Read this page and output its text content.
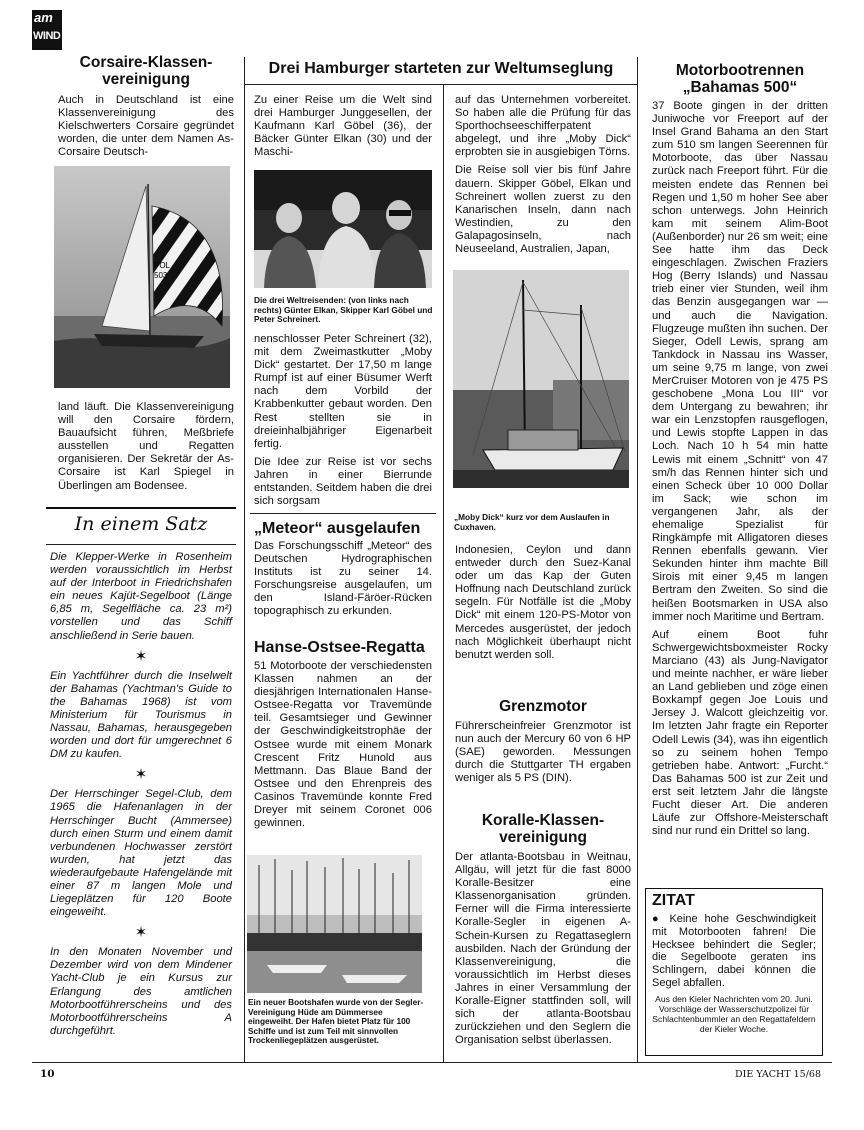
am
WIND
Corsaire-Klassen-vereinigung

Auch in Deutschland ist eine Klassenvereinigung des Kielschwerters Corsaire gegründet worden, die unter dem Namen As-Corsaire Deutsch-

POL
503

land läuft. Die Klassenvereinigung will den Corsaire fördern, Bauaufsicht führen, Meßbriefe ausstellen und Regatten organisieren. Der Sekretär der As-Corsaire ist Karl Spiegel in Überlingen am Bodensee.

In einem Satz

Die Klepper-Werke in Rosenheim werden voraussichtlich im Herbst auf der Interboot in Friedrichshafen ein neues Kajüt-Segelboot (Länge 6,85 m, Segelfläche ca. 23 m²) vorstellen und das Schiff anschließend in Serie bauen.

✶

Ein Yachtführer durch die Inselwelt der Bahamas (Yachtman's Guide to the Bahamas 1968) ist vom Ministerium für Tourismus in Nassau, Bahamas, herausgegeben worden und dort für umgerechnet 6 DM zu kaufen.

✶

Der Herrschinger Segel-Club, dem 1965 die Hafenanlagen in der Herrschinger Bucht (Ammersee) durch einen Sturm und einem damit verbundenen Hochwasser zerstört wurden, hat jetzt das wiederaufgebaute Hafengelände mit einer 87 m langen Mole und Liegeplätzen für 120 Boote eingeweiht.

✶

In den Monaten November und Dezember wird von dem Mindener Yacht-Club je ein Kursus zur Erlangung des amtlichen Motorbootführerscheins und des Motorbootführerscheins A durchgeführt.

Drei Hamburger starteten zur Weltumseglung

Zu einer Reise um die Welt sind drei Hamburger Junggesellen, der Kaufmann Karl Göbel (36), der Bäcker Günter Elkan (30) und der Maschi-

Die drei Weltreisenden: (von links nach rechts) Günter Elkan, Skipper Karl Göbel und Peter Schreinert.

nenschlosser Peter Schreinert (32), mit dem Zweimastkutter „Moby Dick“ gestartet. Der 17,50 m lange Rumpf ist auf einer Büsumer Werft nach dem Vorbild der Krabbenkutter gebaut worden. Den Rest stellten sie in dreieinhalbjähriger Eigenarbeit fertig.

Die Idee zur Reise ist vor sechs Jahren in einer Bierrunde entstanden. Seitdem haben die drei sich sorgsam

„Meteor“ ausgelaufen

Das Forschungsschiff „Meteor“ des Deutschen Hydrographischen Instituts ist zu seiner 14. Forschungsreise ausgelaufen, um den Island-Färöer-Rücken topographisch zu erkunden.

Hanse-Ostsee-Regatta

51 Motorboote der verschiedensten Klassen nahmen an der diesjährigen Internationalen Hanse-Ostsee-Regatta vor Travemünde teil. Gesamtsieger und Gewinner der Geschwindigkeitstrophäe der Ostsee wurde mit einem Monark Crescent Fritz Hunold aus Mettmann. Das Blaue Band der Ostsee und den Ehrenpreis des Casinos Travemünde konnte Fred Dreyer mit seinem Coronet 006 gewinnen.

Ein neuer Bootshafen wurde von der Segler-Vereinigung Hüde am Dümmersee eingeweiht. Der Hafen bietet Platz für 100 Schiffe und ist zum Teil mit sinnvollen Trockenliegeplätzen ausgerüstet.

auf das Unternehmen vorbereitet. So haben alle die Prüfung für das Sporthochseeschifferpatent abgelegt, und ihre „Moby Dick“ erprobten sie in ausgiebigen Törns.

Die Reise soll vier bis fünf Jahre dauern. Skipper Göbel, Elkan und Schreinert wollen zuerst zu den Kanarischen Inseln, dann nach Westindien, zu den Galapagosinseln, nach Neuseeland, Australien, Japan,

„Moby Dick“ kurz vor dem Auslaufen in Cuxhaven.

Indonesien, Ceylon und dann entweder durch den Suez-Kanal oder um das Kap der Guten Hoffnung nach Deutschland zurück segeln. Für Notfälle ist die „Moby Dick“ mit einem 120-PS-Motor von Mercedes ausgerüstet, der jedoch nach Möglichkeit überhaupt nicht benutzt werden soll.

Grenzmotor

Führerscheinfreier Grenzmotor ist nun auch der Mercury 60 von 6 HP (SAE) geworden. Messungen durch die Stuttgarter TH ergaben weniger als 5 PS (DIN).

Koralle-Klassen-vereinigung

Der atlanta-Bootsbau in Weitnau, Allgäu, will jetzt für die fast 8000 Koralle-Besitzer eine Klassenorganisation gründen. Ferner will die Firma interessierte Koralle-Segler in eigenen A-Schein-Kursen zu Regattaseglern ausbilden. Nach der Gründung der Klassenvereinigung, die voraussichtlich im Herbst dieses Jahres in einer Versammlung der Koralle-Eigner stattfinden soll, will sich der atlanta-Bootsbau zurückziehen und den Seglern die Organisation selbst überlassen.

Motorbootrennen „Bahamas 500“

37 Boote gingen in der dritten Juniwoche vor Freeport auf der Insel Grand Bahama an den Start zum 510 sm langen Seerennen für Motorboote, das über Nassau zurück nach Freeport führt. Für die meisten endete das Rennen bei Regen und 1,50 m hoher See aber schon unterwegs. John Heinrich kam mit seinem Alim-Boot (Außenborder) nur 26 sm weit; eine See hatte ihm das Deck eingeschlagen. Zwischen Fraziers Hog (Berry Islands) und Nassau trieb einer vier Stunden, weil ihm das Benzin ausgegangen war — und auch die Navigation. Flugzeuge mußten ihn suchen. Der Sieger, Odell Lewis, sprang am Tankdock in Nassau ins Wasser, um seine 9,75 m lange, von zwei MerCruiser Motoren von je 475 PS geschobene „Mona Lou III“ vor dem Untergang zu bewahren; ihr war ein Lenzstopfen rausgeflogen, und Lewis stopfte Lappen in das Loch. Nach 10 h 54 min hatte Lewis mit einem „Schnitt“ von 47 sm/h das Rennen hinter sich und einen Scheck über 10 000 Dollar im Sack; wie schon im vergangenen Jahr, als der ehemalige Spezialist für Ringkämpfe mit Alligatoren dieses Rennen ebenfalls gewann. Vier Sekunden hinter ihm machte Bill Sirois mit einer 9,45 m langen Bertram den Zweiten. So sind die heißen Bootsmarken in USA also immer noch Maritime und Bertram.

Auf einem Boot fuhr Schwergewichtsboxmeister Rocky Marciano (43) als Jung-Navigator und meinte nachher, er wäre lieber an Land geblieben und zöge einen Boxkampf gegen Joe Louis und Jersey J. Walcott gleichzeitig vor. Im letzten Jahr fragte ein Reporter Odell Lewis (34), was ihn eigentlich so zu seinem hohen Tempo getrieben habe. Antwort: „Furcht.“ Das Bahamas 500 ist zur Zeit und erst seit letztem Jahr die längste Fucht dieser Art. Die anderen Läufe zur Offshore-Meisterschaft sind nur rund ein Drittel so lang.

ZITAT

● Keine hohe Geschwindigkeit mit Motorbooten fahren! Die Hecksee behindert die Segler; die Segelboote geraten ins Schlingern, dabei können die Segel abfallen.

Aus den Kieler Nachrichten vom 20. Juni. Vorschläge der Wasserschutzpolizei für Schlachtenbummler an den Regattafeldern der Kieler Woche.

10	DIE YACHT 15/68
